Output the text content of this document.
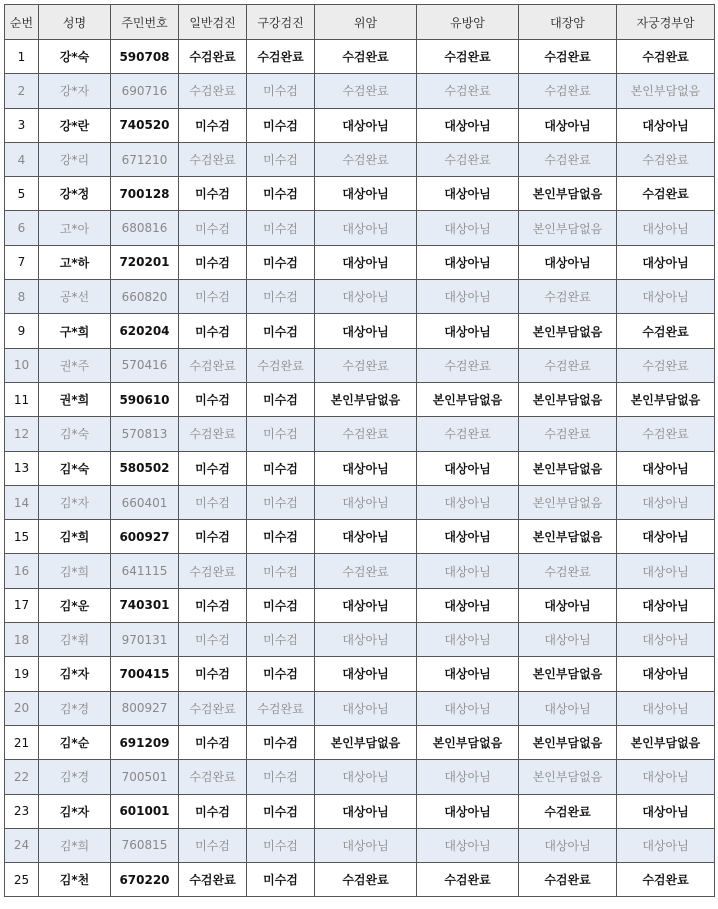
순번	성명	주민번호	일반검진	구강검진	위암	유방암	대장암	자궁경부암
1	강*숙	590708	수검완료	수검완료	수검완료	수검완료	수검완료	수검완료
2	강*자	690716	수검완료	미수검	수검완료	수검완료	수검완료	본인부담없음
3	강*란	740520	미수검	미수검	대상아님	대상아님	대상아님	대상아님
4	강*리	671210	수검완료	미수검	수검완료	수검완료	수검완료	수검완료
5	강*정	700128	미수검	미수검	대상아님	대상아님	본인부담없음	수검완료
6	고*아	680816	미수검	미수검	대상아님	대상아님	본인부담없음	대상아님
7	고*하	720201	미수검	미수검	대상아님	대상아님	대상아님	대상아님
8	공*선	660820	미수검	미수검	대상아님	대상아님	수검완료	대상아님
9	구*희	620204	미수검	미수검	대상아님	대상아님	본인부담없음	수검완료
10	권*주	570416	수검완료	수검완료	수검완료	수검완료	수검완료	수검완료
11	권*희	590610	미수검	미수검	본인부담없음	본인부담없음	본인부담없음	본인부담없음
12	김*숙	570813	수검완료	미수검	수검완료	수검완료	수검완료	수검완료
13	김*숙	580502	미수검	미수검	대상아님	대상아님	본인부담없음	대상아님
14	김*자	660401	미수검	미수검	대상아님	대상아님	본인부담없음	대상아님
15	김*희	600927	미수검	미수검	대상아님	대상아님	본인부담없음	대상아님
16	김*희	641115	수검완료	미수검	수검완료	대상아님	수검완료	대상아님
17	김*운	740301	미수검	미수검	대상아님	대상아님	대상아님	대상아님
18	김*휘	970131	미수검	미수검	대상아님	대상아님	대상아님	대상아님
19	김*자	700415	미수검	미수검	대상아님	대상아님	본인부담없음	대상아님
20	김*경	800927	수검완료	수검완료	대상아님	대상아님	대상아님	대상아님
21	김*순	691209	미수검	미수검	본인부담없음	본인부담없음	본인부담없음	본인부담없음
22	김*경	700501	수검완료	미수검	대상아님	대상아님	본인부담없음	대상아님
23	김*자	601001	미수검	미수검	대상아님	대상아님	수검완료	대상아님
24	김*희	760815	미수검	미수검	대상아님	대상아님	대상아님	대상아님
25	김*천	670220	수검완료	미수검	수검완료	수검완료	수검완료	수검완료
